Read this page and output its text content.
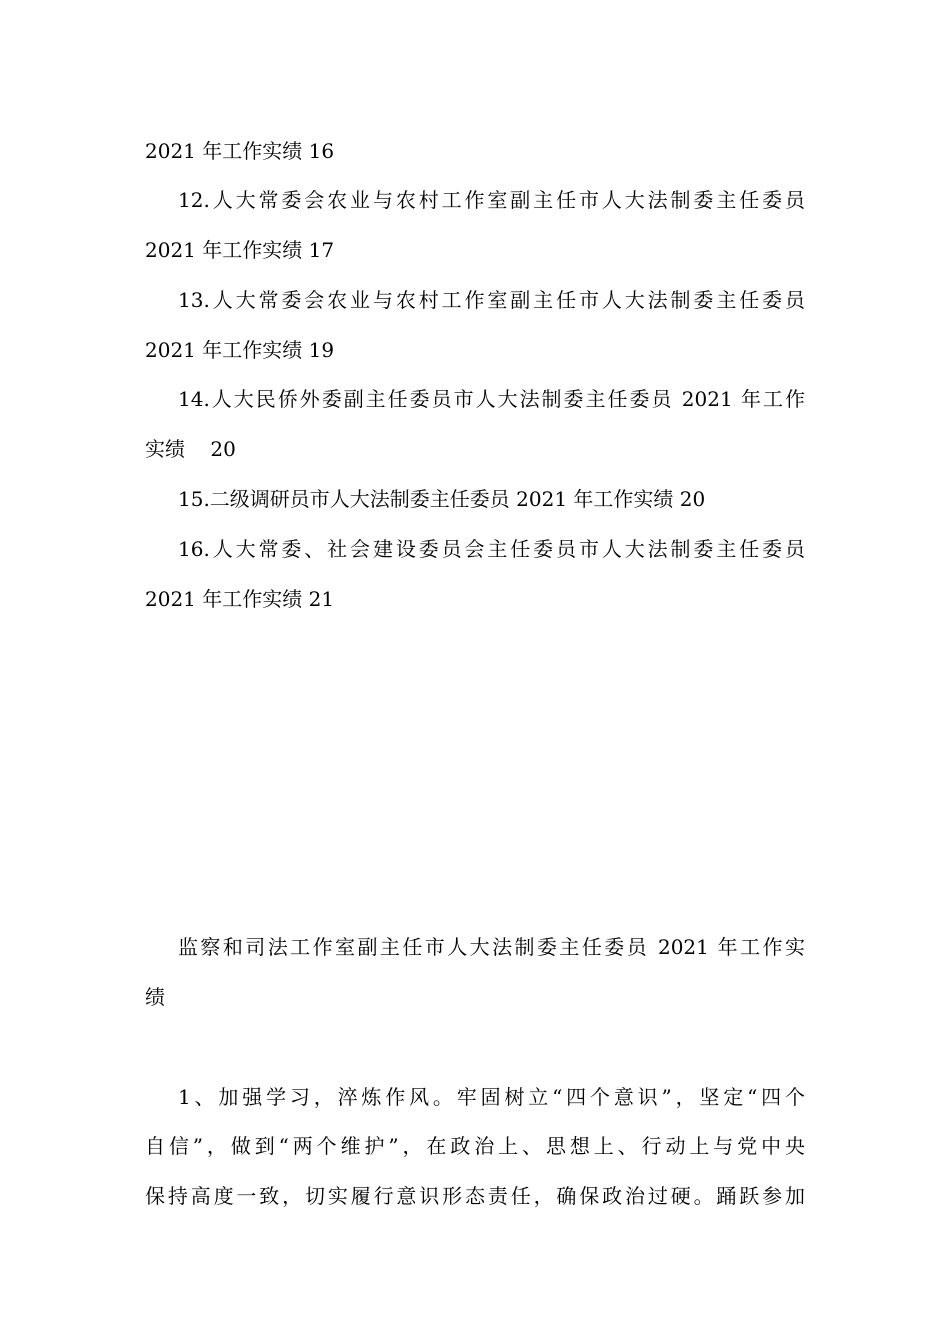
2021 年工作实绩 16
12.人大常委会农业与农村工作室副主任市人大法制委主任委员
2021 年工作实绩 17
13.人大常委会农业与农村工作室副主任市人大法制委主任委员
2021 年工作实绩 19
14.人大民侨外委副主任委员市人大法制委主任委员 2021 年工作
实绩    20
15.二级调研员市人大法制委主任委员 2021 年工作实绩 20
16.人大常委、社会建设委员会主任委员市人大法制委主任委员
2021 年工作实绩 21
监察和司法工作室副主任市人大法制委主任委员 2021 年工作实
绩
1、加强学习，淬炼作风。牢固树立“四个意识”，坚定“四个
自信”，做到“两个维护”，在政治上、思想上、行动上与党中央
保持高度一致，切实履行意识形态责任，确保政治过硬。踊跃参加
